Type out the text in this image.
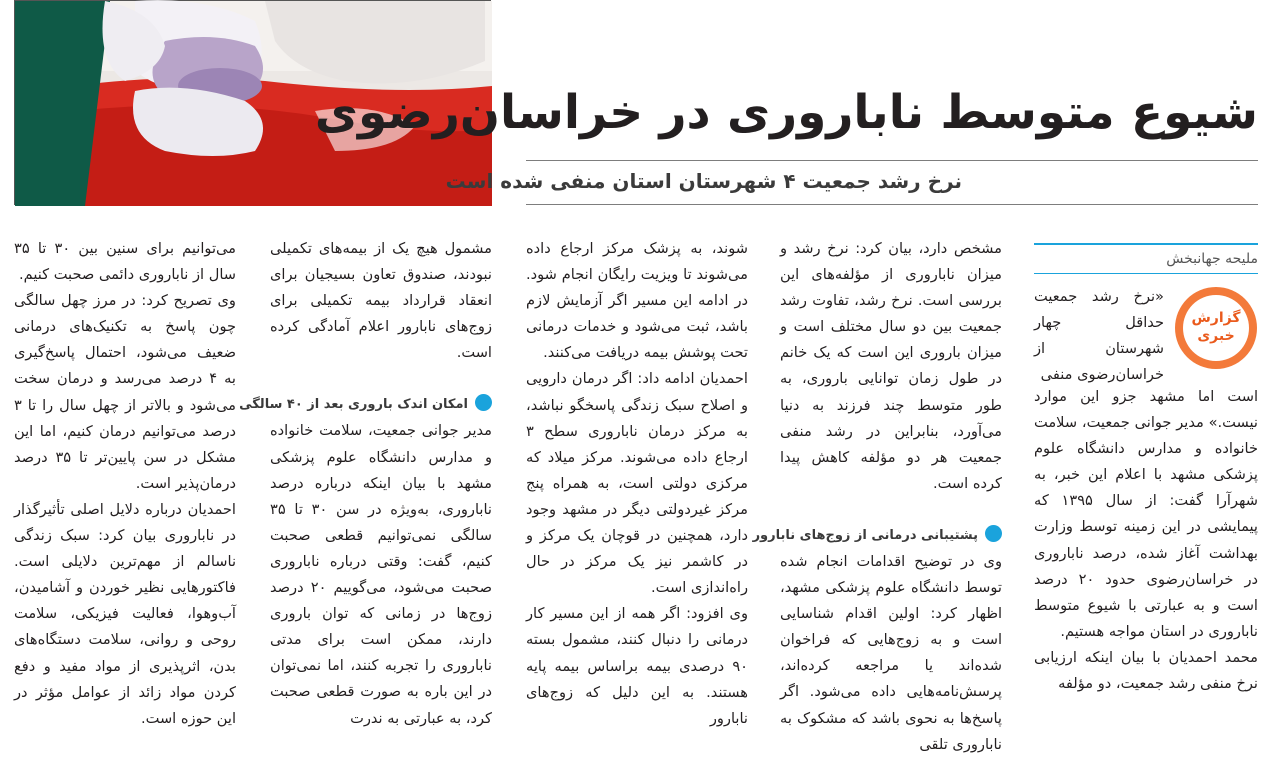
شیوع متوسط ناباروری در خراسان‌رضوی
نرخ رشد جمعیت ۴ شهرستان استان منفی شده است
ملیحه جهانبخش
گزارش
خبری
«نرخ رشد جمعیت حداقل چهار شهرستان از خراسان‌رضوی منفی

است اما مشهد جزو این موارد نیست.» مدیر جوانی جمعیت، سلامت خانواده و مدارس دانشگاه علوم پزشکی مشهد با اعلام این خبر، به شهرآرا گفت: از سال ۱۳۹۵ که پیمایشی در این زمینه توسط وزارت بهداشت آغاز شده، درصد ناباروری در خراسان‌رضوی حدود ۲۰ درصد است و به عبارتی با شیوع متوسط ناباروری در استان مواجه هستیم.

محمد احمدیان با بیان اینکه ارزیابی نرخ منفی رشد جمعیت، دو مؤلفه

مشخص دارد، بیان کرد: نرخ رشد و میزان ناباروری از مؤلفه‌های این بررسی است. نرخ رشد، تفاوت رشد جمعیت بین دو سال مختلف است و میزان باروری این است که یک خانم در طول زمان توانایی باروری، به طور متوسط چند فرزند به دنیا می‌آورد، بنابراین در رشد منفی جمعیت هر دو مؤلفه کاهش پیدا کرده است.

پشتیبانی درمانی از زوج‌های نابارور

وی در توضیح اقدامات انجام شده توسط دانشگاه علوم پزشکی مشهد، اظهار کرد: اولین اقدام شناسایی است و به زوج‌هایی که فراخوان شده‌اند یا مراجعه کرده‌اند، پرسش‌نامه‌هایی داده می‌شود. اگر پاسخ‌ها به نحوی باشد که مشکوک به ناباروری تلقی

شوند، به پزشک مرکز ارجاع داده می‌شوند تا ویزیت رایگان انجام شود. در ادامه این مسیر اگر آزمایش لازم باشد، ثبت می‌شود و خدمات درمانی تحت پوشش بیمه دریافت می‌کنند.

احمدیان ادامه داد: اگر درمان دارویی و اصلاح سبک زندگی پاسخگو نباشد، به مرکز درمان ناباروری سطح ۳ ارجاع داده می‌شوند. مرکز میلاد که مرکزی دولتی است، به همراه پنج مرکز غیردولتی دیگر در مشهد وجود دارد، همچنین در قوچان یک مرکز و در کاشمر نیز یک مرکز در حال راه‌اندازی است.

وی افزود: اگر همه از این مسیر کار درمانی را دنبال کنند، مشمول بسته ۹۰ درصدی بیمه براساس بیمه پایه هستند. به این دلیل که زوج‌های نابارور

مشمول هیچ یک از بیمه‌های تکمیلی نبودند، صندوق تعاون بسیجیان برای انعقاد قرارداد بیمه تکمیلی برای زوج‌های نابارور اعلام آمادگی کرده است.

امکان اندک باروری بعد از ۴۰ سالگی

مدیر جوانی جمعیت، سلامت خانواده و مدارس دانشگاه علوم پزشکی مشهد با بیان اینکه درباره درصد ناباروری، به‌ویژه در سن ۳۰ تا ۳۵ سالگی نمی‌توانیم قطعی صحبت کنیم، گفت: وقتی درباره ناباروری صحبت می‌شود، می‌گوییم ۲۰ درصد زوج‌ها در زمانی که توان باروری دارند، ممکن است برای مدتی ناباروری را تجربه کنند، اما نمی‌توان در این باره به صورت قطعی صحبت کرد، به عبارتی به ندرت

می‌توانیم برای سنین بین ۳۰ تا ۳۵ سال از ناباروری دائمی صحبت کنیم.

وی تصریح کرد: در مرز چهل سالگی چون پاسخ به تکنیک‌های درمانی ضعیف می‌شود، احتمال پاسخ‌گیری به ۴ درصد می‌رسد و درمان سخت می‌شود و بالاتر از چهل سال را تا ۳ درصد می‌توانیم درمان کنیم، اما این مشکل در سن پایین‌تر تا ۳۵ درصد درمان‌پذیر است.

احمدیان درباره دلایل اصلی تأثیرگذار در ناباروری بیان کرد: سبک زندگی ناسالم از مهم‌ترین دلایلی است. فاکتورهایی نظیر خوردن و آشامیدن، آب‌وهوا، فعالیت فیزیکی، سلامت روحی و روانی، سلامت دستگاه‌های بدن، اثرپذیری از مواد مفید و دفع کردن مواد زائد از عوامل مؤثر در این حوزه است.
